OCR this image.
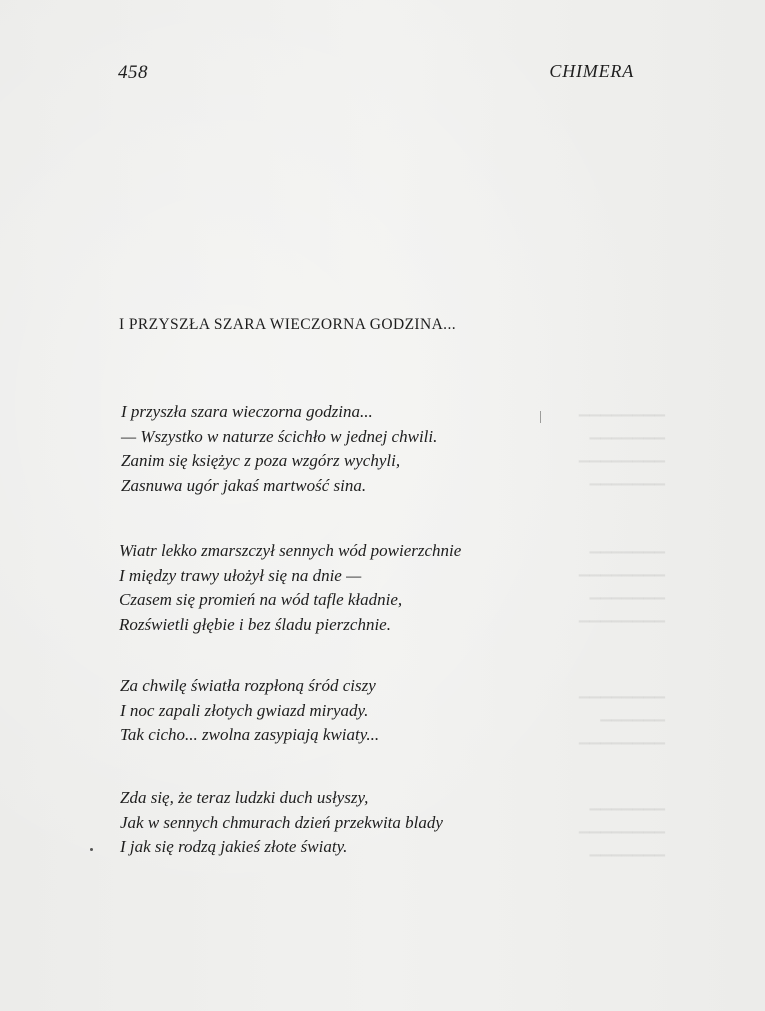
▁▁▁▁▁▁▁▁
▁▁▁▁▁▁▁
▁▁▁▁▁▁▁▁
▁▁▁▁▁▁▁
▁▁▁▁▁▁▁
▁▁▁▁▁▁▁▁
▁▁▁▁▁▁▁
▁▁▁▁▁▁▁▁
▁▁▁▁▁▁▁▁
▁▁▁▁▁▁
▁▁▁▁▁▁▁▁
▁▁▁▁▁▁▁
▁▁▁▁▁▁▁▁
▁▁▁▁▁▁▁
458	CHIMERA
I PRZYSZŁA SZARA WIECZORNA GODZINA...
I przyszła szara wieczorna godzina...
— Wszystko w naturze ścichło w jednej chwili.
Zanim się księżyc z poza wzgórz wychyli,
Zasnuwa ugór jakaś martwość sina.
Wiatr lekko zmarszczył sennych wód powierzchnie
I między trawy ułożył się na dnie —
Czasem się promień na wód tafle kładnie,
Rozświetli głębie i bez śladu pierzchnie.
Za chwilę światła rozpłoną śród ciszy
I noc zapali złotych gwiazd miryady.
Tak cicho... zwolna zasypiają kwiaty...
Zda się, że teraz ludzki duch usłyszy,
Jak w sennych chmurach dzień przekwita blady
I jak się rodzą jakieś złote światy.
